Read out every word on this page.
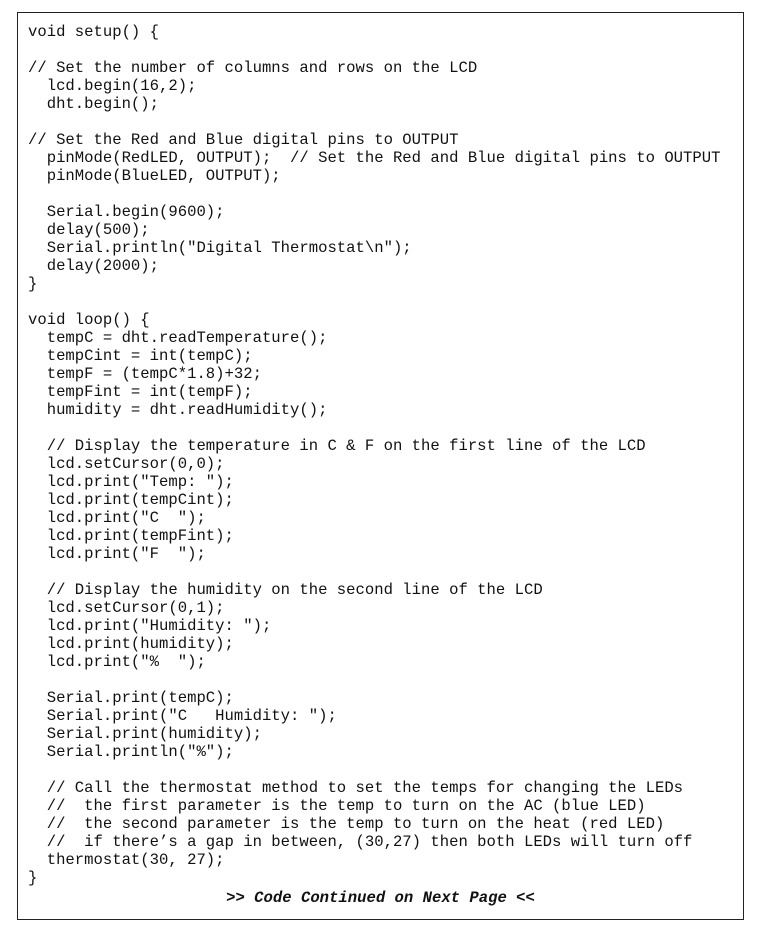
void setup() {
// Set the number of columns and rows on the LCD
lcd.begin(16,2);
dht.begin();
// Set the Red and Blue digital pins to OUTPUT
pinMode(RedLED, OUTPUT);  // Set the Red and Blue digital pins to OUTPUT
pinMode(BlueLED, OUTPUT);
Serial.begin(9600);
delay(500);
Serial.println("Digital Thermostat\n");
delay(2000);
}
void loop() {
tempC = dht.readTemperature();
tempCint = int(tempC);
tempF = (tempC*1.8)+32;
tempFint = int(tempF);
humidity = dht.readHumidity();
// Display the temperature in C & F on the first line of the LCD
lcd.setCursor(0,0);
lcd.print("Temp: ");
lcd.print(tempCint);
lcd.print("C  ");
lcd.print(tempFint);
lcd.print("F  ");
// Display the humidity on the second line of the LCD
lcd.setCursor(0,1);
lcd.print("Humidity: ");
lcd.print(humidity);
lcd.print("%  ");
Serial.print(tempC);
Serial.print("C   Humidity: ");
Serial.print(humidity);
Serial.println("%");
// Call the thermostat method to set the temps for changing the LEDs
//  the first parameter is the temp to turn on the AC (blue LED)
//  the second parameter is the temp to turn on the heat (red LED)
//  if there’s a gap in between, (30,27) then both LEDs will turn off
thermostat(30, 27);
}
>> Code Continued on Next Page <<
